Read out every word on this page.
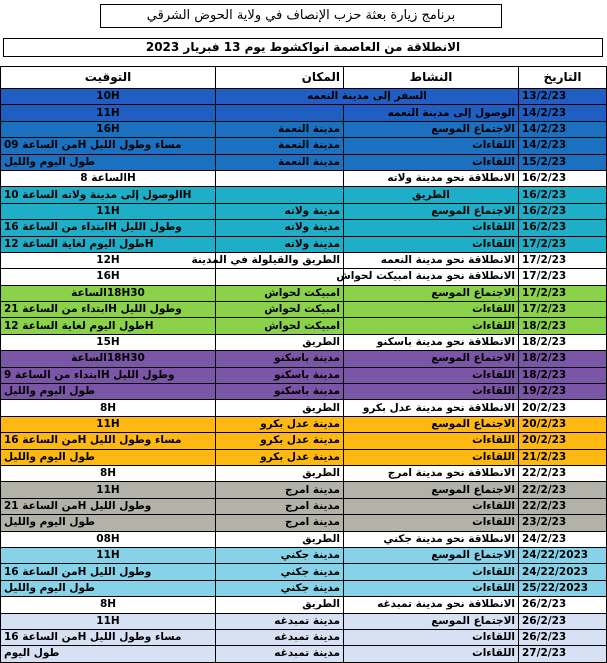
برنامج زيارة بعثة حزب الإنصاف في ولاية الحوض الشرقي
الانطلاقة من العاصمة انواكشوط يوم 13 فبريار 2023
التاريخ	النشاط	المكان	التوقيت
13/2/23	السفر إلى مدينة النعمه		10H
14/2/23	الوصول إلى مدينة النعمه		11H
14/2/23	الاجتماع الموسع	مدينة النعمة	16H
14/2/23	اللقاءات	مدينة النعمة	مساء وطول الليل Hمن الساعة 09
15/2/23	اللقاءات	مدينة النعمة	طول اليوم والليل
16/2/23	الانطلاقة نحو مدينة ولاته		Hالساعة 8
16/2/23	الطريق		Hالوصول إلى مدينة ولاته الساعة 10
16/2/23	الاجتماع الموسع	مدينة ولاته	11H
16/2/23	اللقاءات	مدينة ولاته	وطول الليل Hابتداء من الساعة 16
17/2/23	اللقاءات	مدينة ولاته	Hطول اليوم لغاية الساعة 12
17/2/23	الانطلاقة نحو مدينة النعمه	الطريق والقيلولة في المدينة	12H
17/2/23	الانطلاقة نحو مدينة امبيكت لحواش		16H
17/2/23	الاجتماع الموسع	امبيكت لحواش	18H30الساعة
17/2/23	اللقاءات	امبيكت لحواش	وطول الليل Hابتداء من الساعة 21
18/2/23	اللقاءات	امبيكت لحواش	Hطول اليوم لغاية الساعة 12
18/2/23	الانطلاقة نحو مدينة باسكنو	الطريق	15H
18/2/23	الاجتماع الموسع	مدينة باسكنو	18H30الساعة
18/2/23	اللقاءات	مدينة باسكنو	وطول الليل Hابتداء من الساعة 9
19/2/23	اللقاءات	مدينة باسكنو	طول اليوم والليل
20/2/23	الانطلاقة نحو مدينة عدل بكرو	الطريق	8H
20/2/23	الاجتماع الموسع	مدينة عدل بكرو	11H
20/2/23	اللقاءات	مدينة عدل بكرو	مساء وطول الليل Hمن الساعة 16
21/2/23	اللقاءات	مدينة عدل بكرو	طول اليوم والليل
22/2/23	الانطلاقة نحو مدينة امرج	الطريق	8H
22/2/23	الاجتماع الموسع	مدينة امرج	11H
22/2/23	اللقاءات	مدينة امرج	وطول الليل Hمن الساعة 21
23/2/23	اللقاءات	مدينة امرج	طول اليوم والليل
24/2/23	الانطلاقة نحو مدينة جكني	الطريق	08H
24/22/2023	الاجتماع الموسع	مدينة جكني	11H
24/22/2023	اللقاءات	مدينة جكني	وطول الليل Hمن الساعة 16
25/22/2023	اللقاءات	مدينة جكني	طول اليوم والليل
26/2/23	الانطلاقة نحو مدينة تمبدغه	الطريق	8H
26/2/23	الاجتماع الموسع	مدينة تمبدغه	11H
26/2/23	اللقاءات	مدينة تمبدغه	مساء وطول الليل Hمن الساعة 16
27/2/23	اللقاءات	مدينة تمبدغه	طول اليوم
